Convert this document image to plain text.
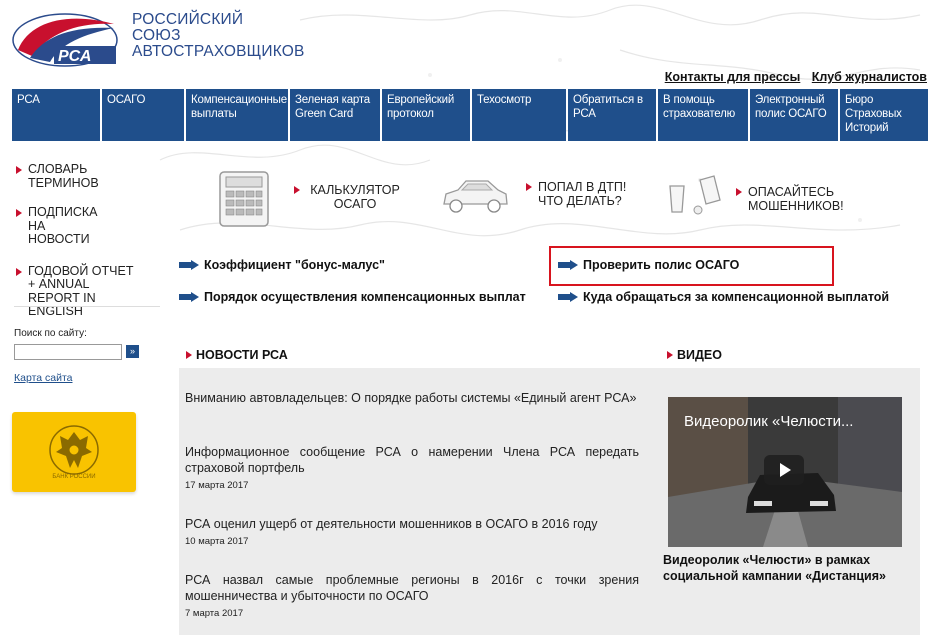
РСА
РОССИЙСКИЙ
СОЮЗ
АВТОСТРАХОВЩИКОВ
Контакты для прессы Клуб журналистов
РСА	ОСАГО	Компенсационные выплаты
Зеленая карта Green Card
Европейский протокол
Техосмотр	Обратиться в РСА
В помощь страхователю
Электронный полис ОСАГО
Бюро Страховых Историй
СЛОВАРЬ ТЕРМИНОВ
ПОДПИСКА НА НОВОСТИ
ГОДОВОЙ ОТЧЕТ + ANNUAL REPORT IN ENGLISH
Поиск по сайту:
»
Карта сайта
БАНК РОССИИ
КАЛЬКУЛЯТОР ОСАГО
ПОПАЛ В ДТП! ЧТО ДЕЛАТЬ?
ОПАСАЙТЕСЬ МОШЕННИКОВ!
Коэффициент "бонус-малус"	Проверить полис ОСАГО
Порядок осуществления компенсационных выплат	Куда обращаться за компенсационной выплатой
НОВОСТИ РСА
Вниманию автовладельцев: О порядке работы системы «Единый агент РСА»
Информационное сообщение РСА о намерении Члена РСА передать страховой портфель
17 марта 2017
РСА оценил ущерб от деятельности мошенников в ОСАГО в 2016 году
10 марта 2017
РСА назвал самые проблемные регионы в 2016г с точки зрения мошенничества и убыточности по ОСАГО
7 марта 2017
ВИДЕО
Видеоролик «Челюсти...
Видеоролик «Челюсти» в рамках социальной кампании «Дистанция»
